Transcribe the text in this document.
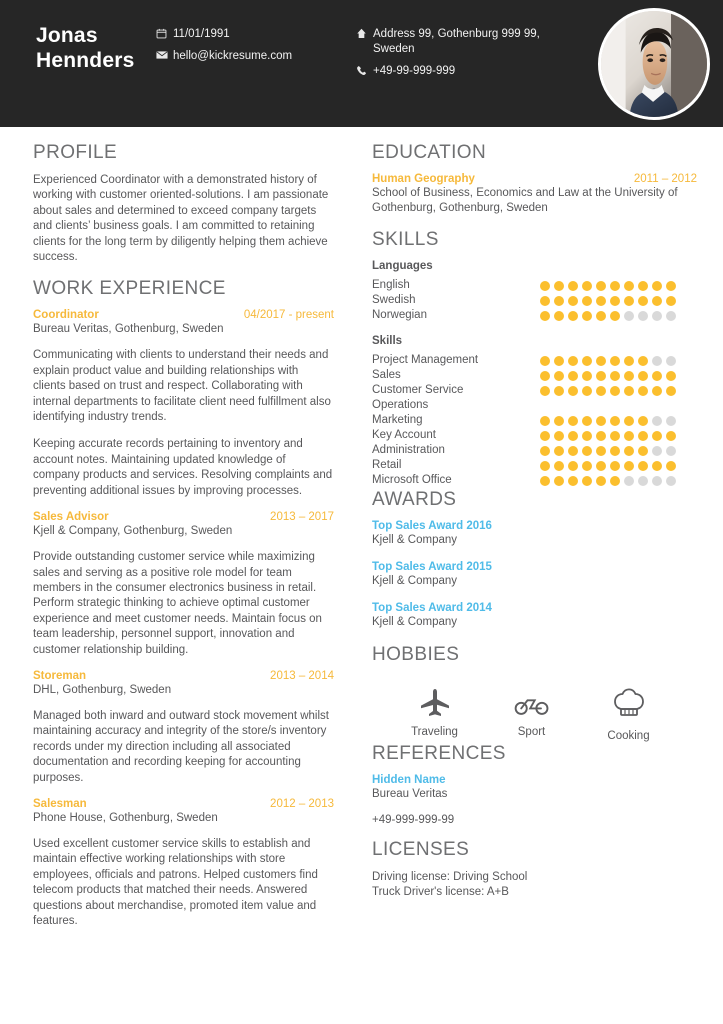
Jonas
Hennders
11/01/1991
hello@kickresume.com
Address 99, Gothenburg 999 99, Sweden
+49-99-999-999
PROFILE

Experienced Coordinator with a demonstrated history of working with customer oriented-solutions. I am passionate about sales and determined to exceed company targets and clients’ business goals. I am committed to retaining clients for the long term by diligently helping them achieve success.

WORK EXPERIENCE
Coordinator	04/2017 - present
Bureau Veritas, Gothenburg, Sweden

Communicating with clients to understand their needs and explain product value and building relationships with clients based on trust and respect. Collaborating with internal departments to facilitate client need fulfillment also identifying industry trends.

Keeping accurate records pertaining to inventory and account notes. Maintaining updated knowledge of company products and services. Resolving complaints and preventing additional issues by improving processes.

Sales Advisor	2013 – 2017
Kjell & Company, Gothenburg, Sweden

Provide outstanding customer service while maximizing sales and serving as a positive role model for team members in the consumer electronics business in retail. Perform strategic thinking to achieve optimal customer experience and meet customer needs. Maintain focus on team leadership, personnel support, innovation and customer relationship building.

Storeman	2013 – 2014
DHL, Gothenburg, Sweden

Managed both inward and outward stock movement whilst maintaining accuracy and integrity of the store/s inventory records under my direction including all associated documentation and recording keeping for accounting purposes.

Salesman	2012 – 2013
Phone House, Gothenburg, Sweden

Used excellent customer service skills to establish and maintain effective working relationships with store employees, officials and patrons. Helped customers find telecom products that matched their needs. Answered questions about merchandise, promoted item value and features.

EDUCATION
Human Geography	2011 – 2012
School of Business, Economics and Law at the University of Gothenburg, Gothenburg, Sweden
SKILLS
Languages
English
Swedish
Norwegian
Skills
Project Management
Sales
Customer Service
Operations
Marketing
Key Account
Administration
Retail
Microsoft Office
AWARDS
Top Sales Award 2016
Kjell & Company
Top Sales Award 2015
Kjell & Company
Top Sales Award 2014
Kjell & Company
HOBBIES
Traveling	Sport	Cooking
REFERENCES
Hidden Name
Bureau Veritas
+49-999-999-99
LICENSES
Driving license: Driving School
Truck Driver's license: A+B
